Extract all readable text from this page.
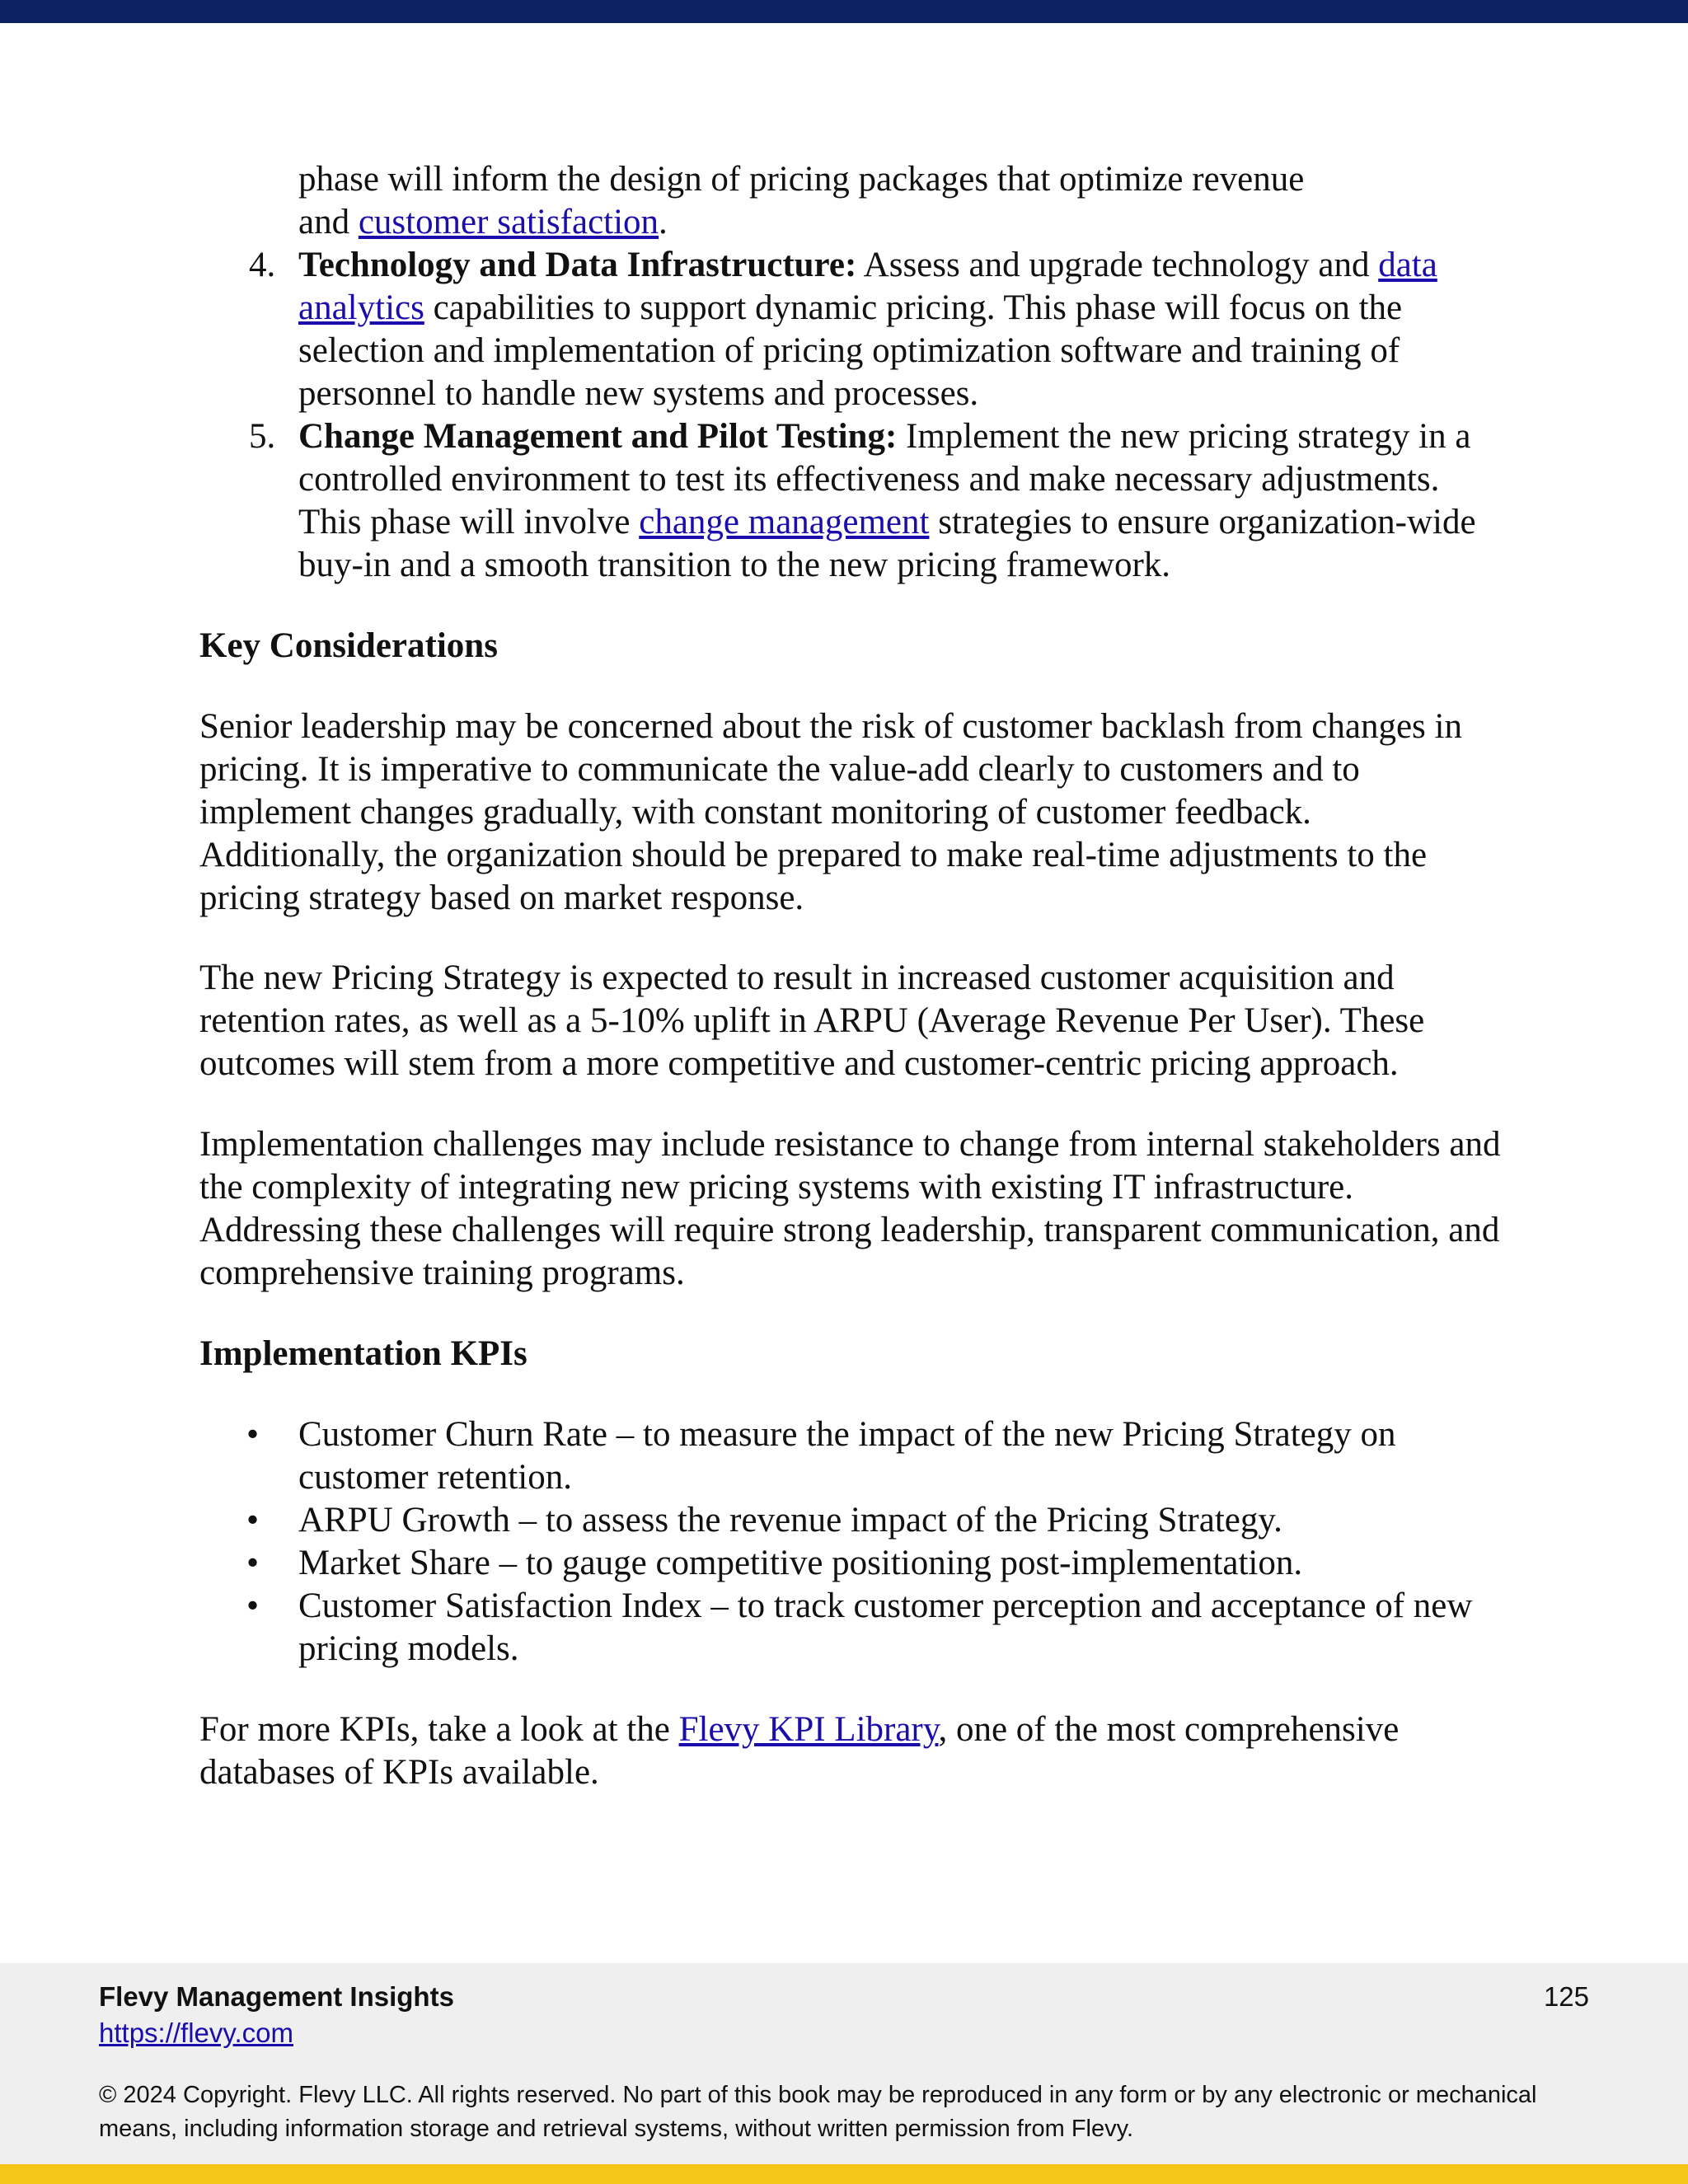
phase will inform the design of pricing packages that optimize revenue
and customer satisfaction.
4. Technology and Data Infrastructure: Assess and upgrade technology and data analytics capabilities to support dynamic pricing. This phase will focus on the selection and implementation of pricing optimization software and training of personnel to handle new systems and processes.
5. Change Management and Pilot Testing: Implement the new pricing strategy in a controlled environment to test its effectiveness and make necessary adjustments. This phase will involve change management strategies to ensure organization-wide buy-in and a smooth transition to the new pricing framework.
Key Considerations

Senior leadership may be concerned about the risk of customer backlash from changes in pricing. It is imperative to communicate the value-add clearly to customers and to implement changes gradually, with constant monitoring of customer feedback. Additionally, the organization should be prepared to make real-time adjustments to the pricing strategy based on market response.

The new Pricing Strategy is expected to result in increased customer acquisition and retention rates, as well as a 5-10% uplift in ARPU (Average Revenue Per User). These outcomes will stem from a more competitive and customer-centric pricing approach.

Implementation challenges may include resistance to change from internal stakeholders and the complexity of integrating new pricing systems with existing IT infrastructure. Addressing these challenges will require strong leadership, transparent communication, and comprehensive training programs.

Implementation KPIs
• Customer Churn Rate – to measure the impact of the new Pricing Strategy on customer retention.
• ARPU Growth – to assess the revenue impact of the Pricing Strategy.
• Market Share – to gauge competitive positioning post-implementation.
• Customer Satisfaction Index – to track customer perception and acceptance of new pricing models.

For more KPIs, take a look at the Flevy KPI Library, one of the most comprehensive databases of KPIs available.

Flevy Management Insights
https://flevy.com
125
© 2024 Copyright. Flevy LLC. All rights reserved. No part of this book may be reproduced in any form or by any electronic or mechanical means, including information storage and retrieval systems, without written permission from Flevy.
